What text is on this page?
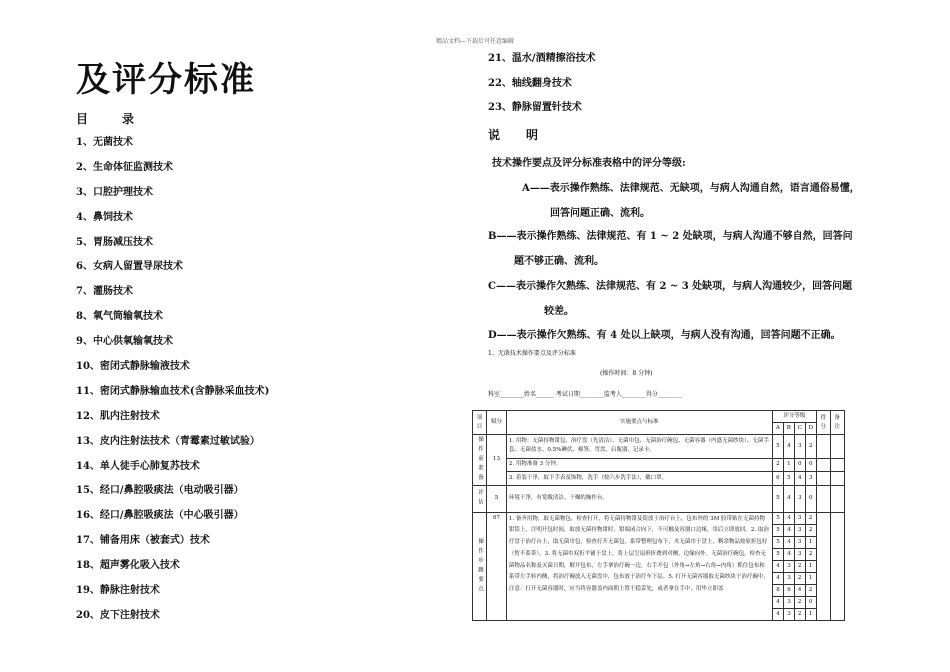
精品文档---下载后可任意编辑
及评分标准
目录
1、无菌技术
2、生命体征监测技术
3、口腔护理技术
4、鼻饲技术
5、胃肠减压技术
6、女病人留置导尿技术
7、灌肠技术
8、氧气筒输氧技术
9、中心供氧输氧技术
10、密闭式静脉输液技术
11、密闭式静脉输血技术(含静脉采血技术)
12、肌内注射技术
13、皮内注射法技术（青霉素过敏试验）
14、单人徒手心肺复苏技术
15、经口/鼻腔吸痰法（电动吸引器）
16、经口/鼻腔吸痰法（中心吸引器）
17、铺备用床（被套式）技术
18、超声雾化吸入技术
19、静脉注射技术
20、皮下注射技术
21、温水/酒精擦浴技术
22、轴线翻身技术
23、静脉留置针技术
说明
技术操作要点及评分标准表格中的评分等级:
A——表示操作熟练、法律规范、无缺项，与病人沟通自然，语言通俗易懂，
回答问题正确、流利。
B——表示操作熟练、法律规范、有 1 ~ 2 处缺项，与病人沟通不够自然，回答问
题不够正确、流利。
C——表示操作欠熟练、法律规范、有 2 ~ 3 处缺项，与病人沟通较少，回答问题
较差。
D——表示操作欠熟练、有 4 处以上缺项，与病人没有沟通，回答问题不正确。
1、无菌技术操作要点及评分标准
(操作时间：8 分钟)
科室________姓名______ 考试日期________监考人________得分________
项目	赋分	实施要点与标准	评分等级	得分	备注	
A	B	C	D
操作前准备	13	1. 用物：无菌持物钳包、治疗盘（先清洁）、无菌巾包、无菌治疗碗包、无菌容器（内盛无菌纱块）、无菌手套、无菌盐水、0.5%碘伏、棉签、弯盘、启瓶器、记录卡。	5	4	3	2		
2. 用物准备 3 分钟。	2	1	0	0		
3. 着装干净，取下手表及饰物，洗手（按六步洗手法），戴口罩。	6	5	4	3		
评估	5	环境干净，有宽敞清洁、干燥的操作台。	5	4	3	0		
操作步骤要点	67	1. 备齐用物，取无菌物包，检查打开，将无菌持物钳及筒放于治疗台上，包布外的 3M 胶带贴在无菌持物钳筒上，注明开包时间，取放无菌持物钳时，钳端闭合向下，不可触及容器口边缘，用后立即放回。2. 取治疗盘于治疗台上，取无菌巾包，检查打开无菌包，系带整理包布下，夹无菌巾于盘上，剩余物品按原折包好（暂不系带）。3. 将无菌巾双折平铺于盘上，将上层呈扇形折叠到对侧，边缘向外。无菌治疗碗包，检查无菌物品名称及灭菌日期，解开包布，左手拿治疗碗一边，右手开包（外角→左角→右角→内角）抓住包布和系带左手转内侧，将治疗碗放入无菌盘中，包布放于治疗车下层。5. 打开无菌容器取无菌纱块于治疗碗中，注意：打开无菌容器时，应当将容器盖内面朝上置于稳妥处，或者拿在手中，用毕立即盖	
5	4	3	2
5	4	3	2
5	4	3	1
5	4	3	2
4	3	2	1
4	3	2	1
8	6	4	2
4	3	2	0
4	3	2	1
